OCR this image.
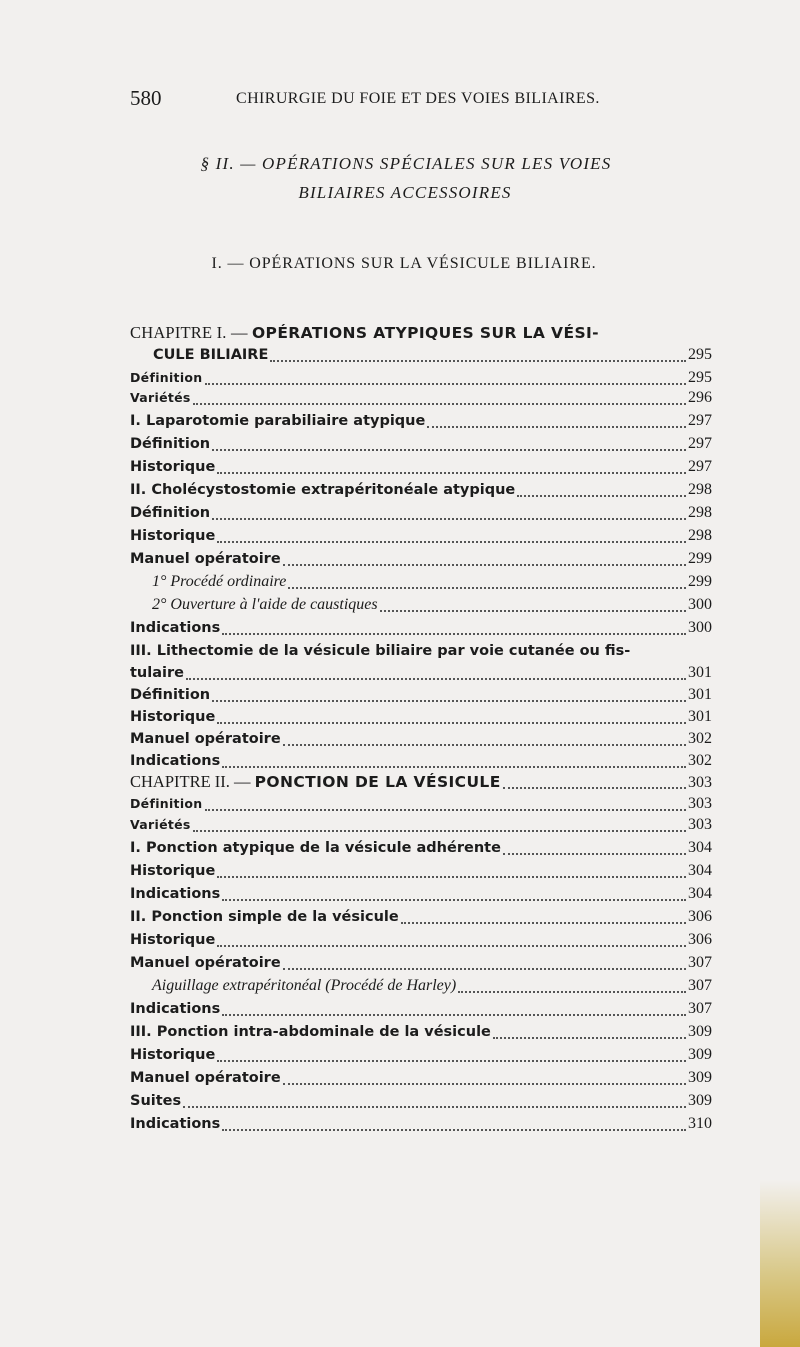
580	CHIRURGIE DU FOIE ET DES VOIES BILIAIRES.
§ II. — OPÉRATIONS SPÉCIALES SUR LES VOIES
BILIAIRES ACCESSOIRES
I. — OPÉRATIONS SUR LA VÉSICULE BILIAIRE.
CHAPITRE I. — OPÉRATIONS ATYPIQUES SUR LA VÉSI-
CULE BILIAIRE	295
Définition	295
Variétés	296
I. Laparotomie parabiliaire atypique	297
Définition	297
Historique	297
II. Cholécystostomie extrapéritonéale atypique	298
Définition	298
Historique	298
Manuel opératoire	299
1° Procédé ordinaire	299
2° Ouverture à l'aide de caustiques	300
Indications	300
III. Lithectomie de la vésicule biliaire par voie cutanée ou fis-
tulaire	301
Définition	301
Historique	301
Manuel opératoire	302
Indications	302
CHAPITRE II. — PONCTION DE LA VÉSICULE	303
Définition	303
Variétés	303
I. Ponction atypique de la vésicule adhérente	304
Historique	304
Indications	304
II. Ponction simple de la vésicule	306
Historique	306
Manuel opératoire	307
Aiguillage extrapéritonéal (Procédé de Harley)	307
Indications	307
III. Ponction intra-abdominale de la vésicule	309
Historique	309
Manuel opératoire	309
Suites	309
Indications	310
